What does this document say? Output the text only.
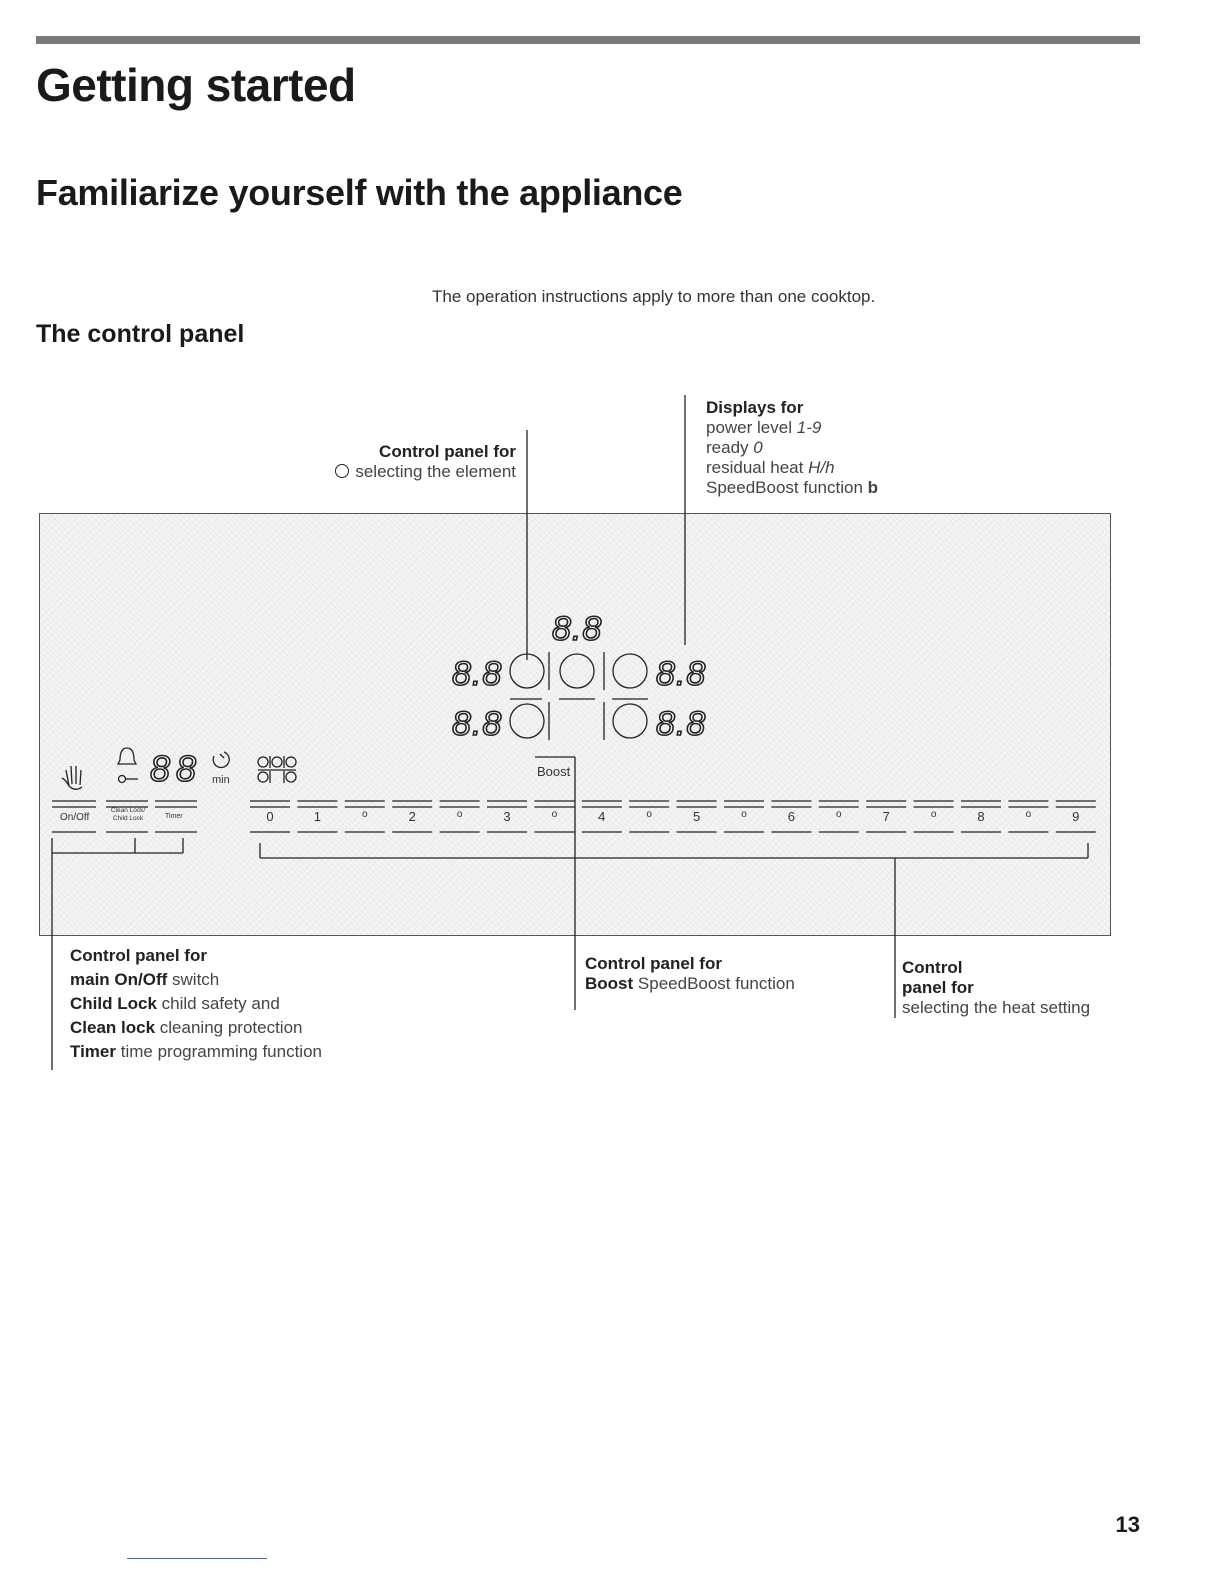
Getting started
Familiarize yourself with the appliance
The operation instructions apply to more than one cooktop.
The control panel
Control panel for
selecting the element
Displays for
power level 1-9
ready 0
residual heat H/h
SpeedBoost function b
8.8
8.8	8.8
8.8	8.8
88 min
Boost
On/Off
Clean Lock/
Child Lock	Timer	0	1	o	2	o	3	o	4	o	5	o	6	o	7	o	8	o	9
Control panel for
main On/Off switch
Child Lock child safety and
Clean lock cleaning protection
Timer time programming function
Control panel for
Boost SpeedBoost function
Control
panel for
selecting the heat setting
13
